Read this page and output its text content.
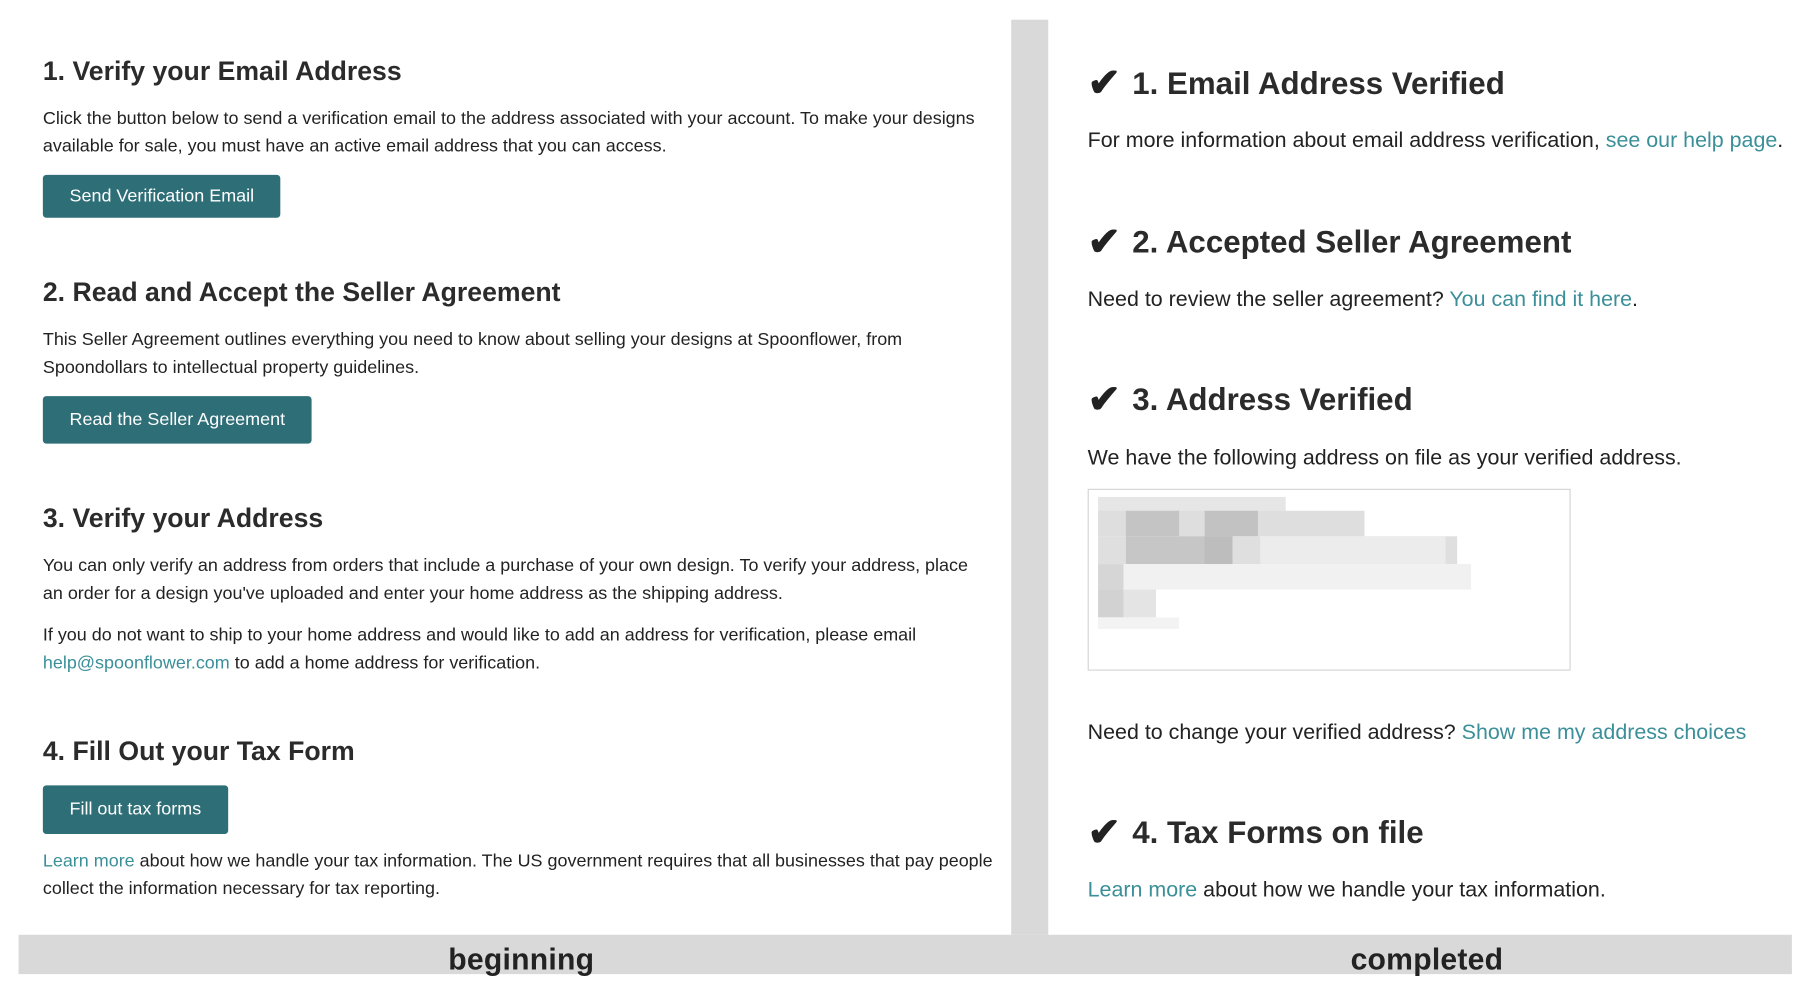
1. Verify your Email Address

Click the button below to send a verification email to the address associated with your account. To make your designs available for sale, you must have an active email address that you can access.

Send Verification Email
2. Read and Accept the Seller Agreement

This Seller Agreement outlines everything you need to know about selling your designs at Spoonflower, from Spoondollars to intellectual property guidelines.

Read the Seller Agreement
3. Verify your Address

You can only verify an address from orders that include a purchase of your own design. To verify your address, place an order for a design you've uploaded and enter your home address as the shipping address.

If you do not want to ship to your home address and would like to add an address for verification, please email help@spoonflower.com to add a home address for verification.

4. Fill Out your Tax Form
Fill out tax forms

Learn more about how we handle your tax information. The US government requires that all businesses that pay people collect the information necessary for tax reporting.

✔ 1. Email Address Verified

For more information about email address verification, see our help page.

✔ 2. Accepted Seller Agreement

Need to review the seller agreement? You can find it here.

✔ 3. Address Verified

We have the following address on file as your verified address.

Need to change your verified address? Show me my address choices

✔ 4. Tax Forms on file

Learn more about how we handle your tax information.

beginning	completed
